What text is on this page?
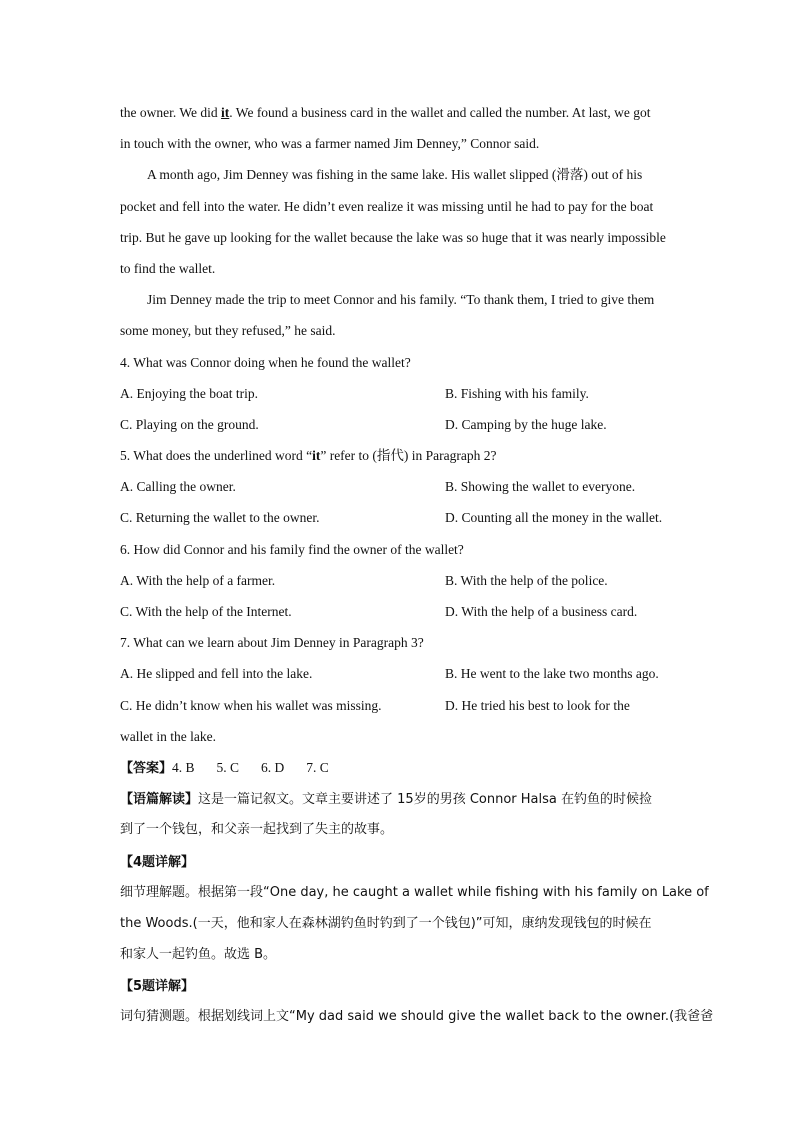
the owner. We did it. We found a business card in the wallet and called the number. At last, we got
in touch with the owner, who was a farmer named Jim Denney,” Connor said.
A month ago, Jim Denney was fishing in the same lake. His wallet slipped (滑落) out of his
pocket and fell into the water. He didn’t even realize it was missing until he had to pay for the boat
trip. But he gave up looking for the wallet because the lake was so huge that it was nearly impossible
to find the wallet.
Jim Denney made the trip to meet Connor and his family. “To thank them, I tried to give them
some money, but they refused,” he said.
4. What was Connor doing when he found the wallet?
A. Enjoying the boat trip.	B. Fishing with his family.
C. Playing on the ground.	D. Camping by the huge lake.
5. What does the underlined word “it” refer to (指代) in Paragraph 2?
A. Calling the owner.	B. Showing the wallet to everyone.
C. Returning the wallet to the owner.	D. Counting all the money in the wallet.
6. How did Connor and his family find the owner of the wallet?
A. With the help of a farmer.	B. With the help of the police.
C. With the help of the Internet.	D. With the help of a business card.
7. What can we learn about Jim Denney in Paragraph 3?
A. He slipped and fell into the lake.	B. He went to the lake two months ago.
C. He didn’t know when his wallet was missing.	D. He tried his best to look for the
wallet in the lake.
【答案】4. B 5. C 6. D 7. C
【语篇解读】这是一篇记叙文。文章主要讲述了 15岁的男孩 Connor Halsa 在钓鱼的时候捡
到了一个钱包，和父亲一起找到了失主的故事。
【4题详解】
细节理解题。根据第一段“One day, he caught a wallet while fishing with his family on Lake of
the Woods.(一天，他和家人在森林湖钓鱼时钓到了一个钱包)”可知，康纳发现钱包的时候在
和家人一起钓鱼。故选 B。
【5题详解】
词句猜测题。根据划线词上文“My dad said we should give the wallet back to the owner.(我爸爸
